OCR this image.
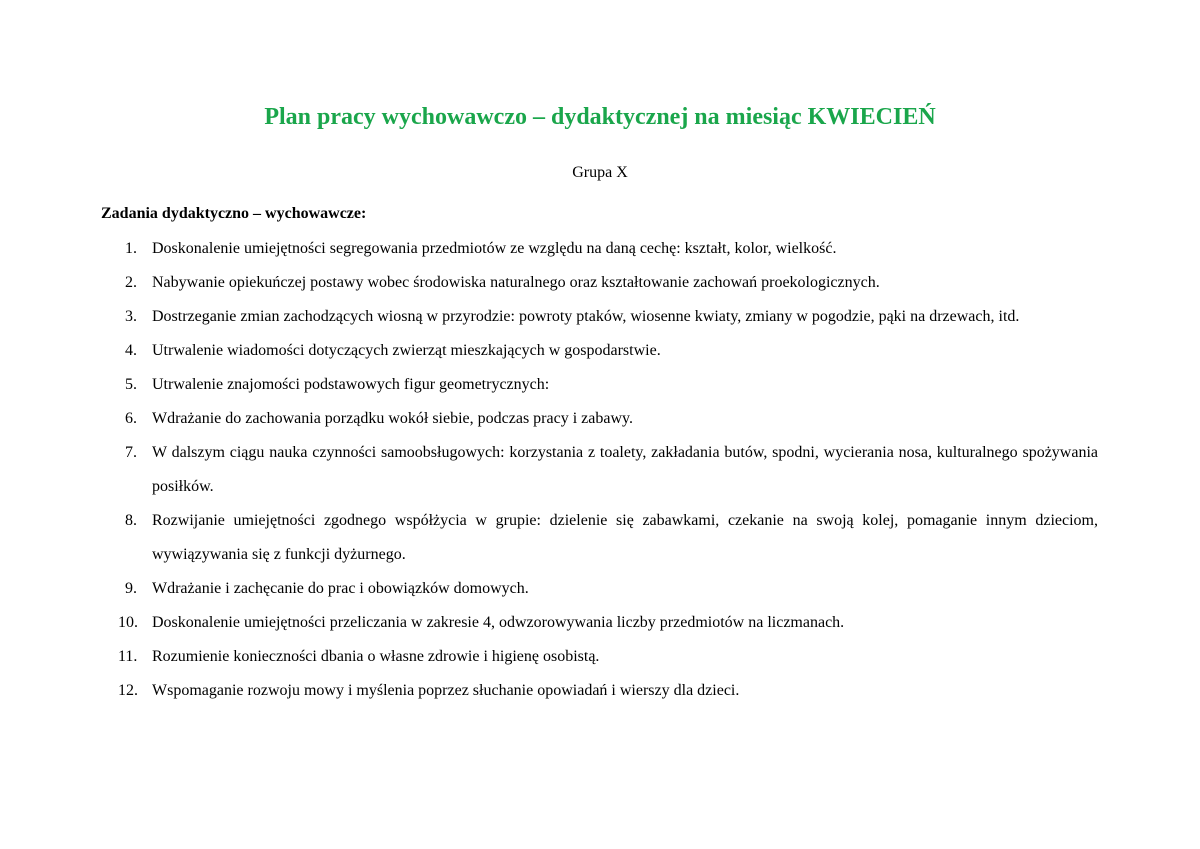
Plan pracy wychowawczo – dydaktycznej na miesiąc KWIECIEŃ
Grupa X
Zadania dydaktyczno – wychowawcze:
1. Doskonalenie umiejętności segregowania przedmiotów ze względu na daną cechę: kształt, kolor, wielkość.
2. Nabywanie opiekuńczej postawy wobec środowiska naturalnego oraz kształtowanie zachowań proekologicznych.
3. Dostrzeganie zmian zachodzących wiosną w przyrodzie: powroty ptaków, wiosenne kwiaty, zmiany w pogodzie, pąki na drzewach, itd.
4. Utrwalenie wiadomości dotyczących zwierząt mieszkających w gospodarstwie.
5. Utrwalenie znajomości podstawowych figur geometrycznych:
6. Wdrażanie do zachowania porządku wokół siebie, podczas pracy i zabawy.
7. W dalszym ciągu nauka czynności samoobsługowych: korzystania z toalety, zakładania butów, spodni, wycierania nosa, kulturalnego spożywania posiłków.
8. Rozwijanie umiejętności zgodnego współżycia w grupie: dzielenie się zabawkami, czekanie na swoją kolej, pomaganie innym dzieciom, wywiązywania się z funkcji dyżurnego.
9. Wdrażanie i zachęcanie do prac i obowiązków domowych.
10. Doskonalenie umiejętności przeliczania w zakresie 4, odwzorowywania liczby przedmiotów na liczmanach.
11. Rozumienie konieczności dbania o własne zdrowie i higienę osobistą.
12. Wspomaganie rozwoju mowy i myślenia poprzez słuchanie opowiadań i wierszy dla dzieci.
